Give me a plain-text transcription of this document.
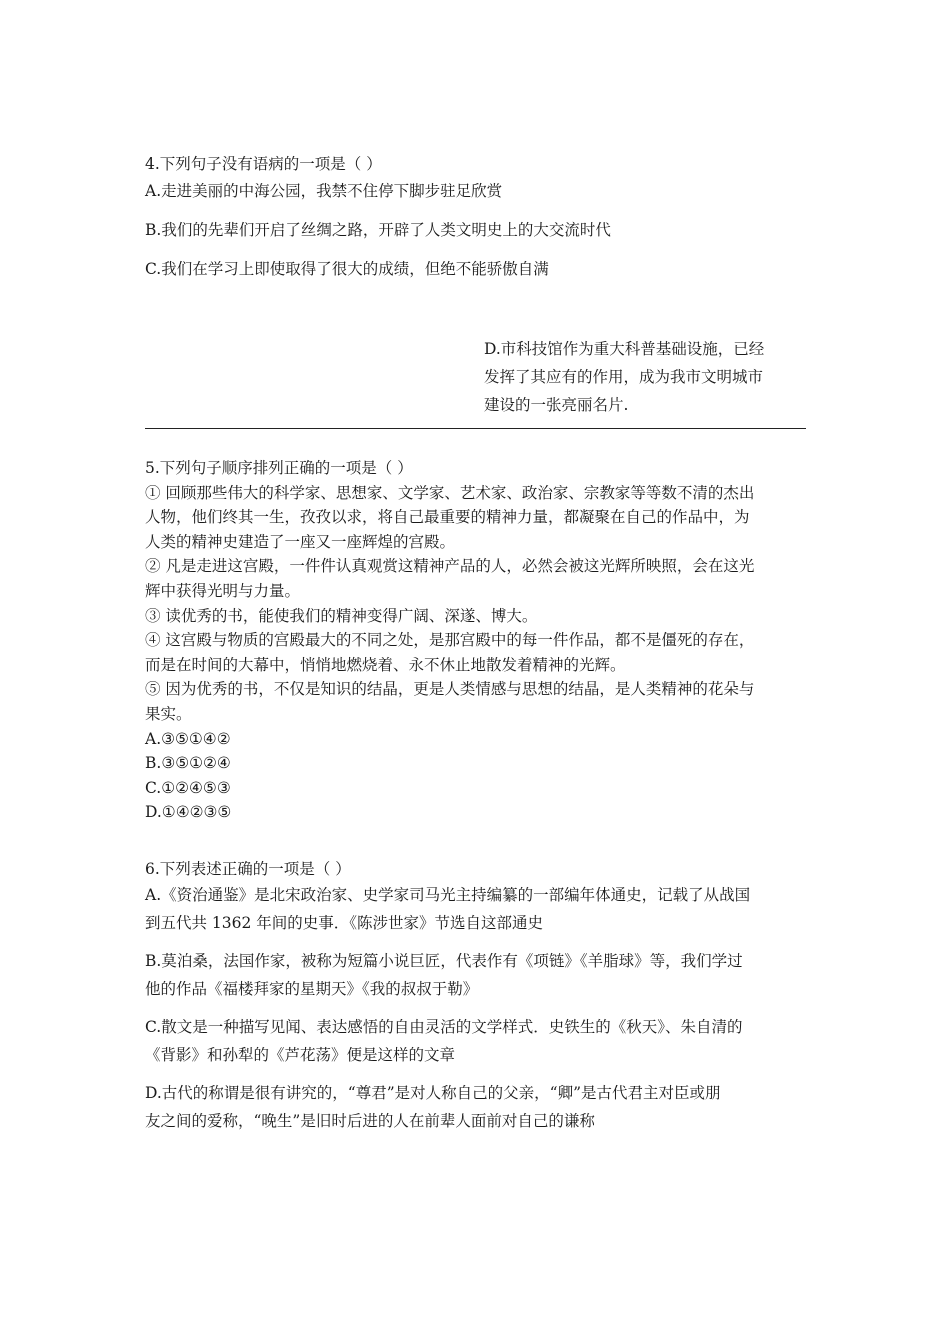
4.下列句子没有语病的一项是（ ）
A.走进美丽的中海公园，我禁不住停下脚步驻足欣赏
B.我们的先辈们开启了丝绸之路，开辟了人类文明史上的大交流时代
C.我们在学习上即使取得了很大的成绩，但绝不能骄傲自满
D.市科技馆作为重大科普基础设施，已经
发挥了其应有的作用，成为我市文明城市
建设的一张亮丽名片.

5.下列句子顺序排列正确的一项是（ ）

① 回顾那些伟大的科学家、思想家、文学家、艺术家、政治家、宗教家等等数不清的杰出

人物，他们终其一生，孜孜以求，将自己最重要的精神力量，都凝聚在自己的作品中，为

人类的精神史建造了一座又一座辉煌的宫殿。

② 凡是走进这宫殿，一件件认真观赏这精神产品的人，必然会被这光辉所映照，会在这光

辉中获得光明与力量。

③ 读优秀的书，能使我们的精神变得广阔、深遂、博大。

④ 这宫殿与物质的宫殿最大的不同之处，是那宫殿中的每一件作品，都不是僵死的存在，

而是在时间的大幕中，悄悄地燃烧着、永不休止地散发着精神的光辉。

⑤ 因为优秀的书，不仅是知识的结晶，更是人类情感与思想的结晶，是人类精神的花朵与

果实。

A.③⑤①④②

B.③⑤①②④

C.①②④⑤③

D.①④②③⑤

6.下列表述正确的一项是（ ）

A.《资治通鉴》是北宋政治家、史学家司马光主持编纂的一部编年体通史，记载了从战国

到五代共 1362 年间的史事．《陈涉世家》节选自这部通史

B.莫泊桑，法国作家，被称为短篇小说巨匠，代表作有《项链》《羊脂球》等，我们学过

他的作品《福楼拜家的星期天》《我的叔叔于勒》

C.散文是一种描写见闻、表达感悟的自由灵活的文学样式．史铁生的《秋天》、朱自清的

《背影》和孙犁的《芦花荡》便是这样的文章

D.古代的称谓是很有讲究的，“尊君”是对人称自己的父亲，“卿”是古代君主对臣或朋

友之间的爱称，“晚生”是旧时后进的人在前辈人面前对自己的谦称
